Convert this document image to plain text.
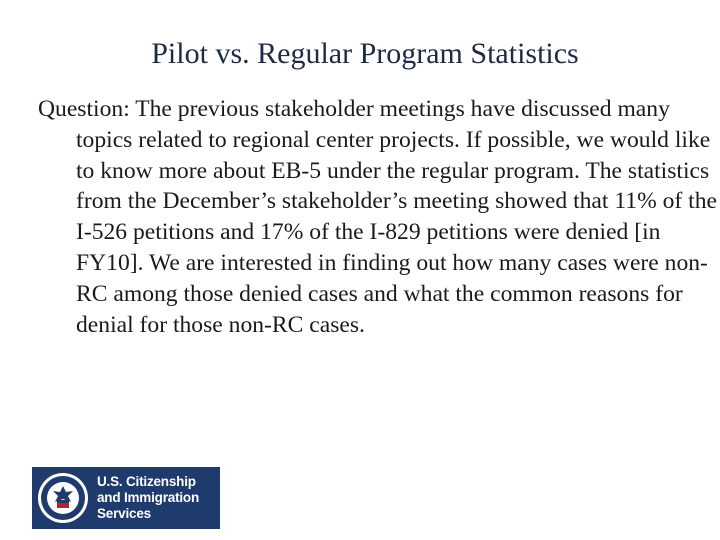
Pilot vs. Regular Program Statistics
Question: The previous stakeholder meetings have discussed many topics related to regional center projects. If possible, we would like to know more about EB-5 under the regular program. The statistics from the December’s stakeholder’s meeting showed that 11% of the I-526 petitions and 17% of the I-829 petitions were denied [in FY10]. We are interested in finding out how many cases were non-RC among those denied cases and what the common reasons for denial for those non-RC cases.
U.S. Citizenship
and Immigration
Services
